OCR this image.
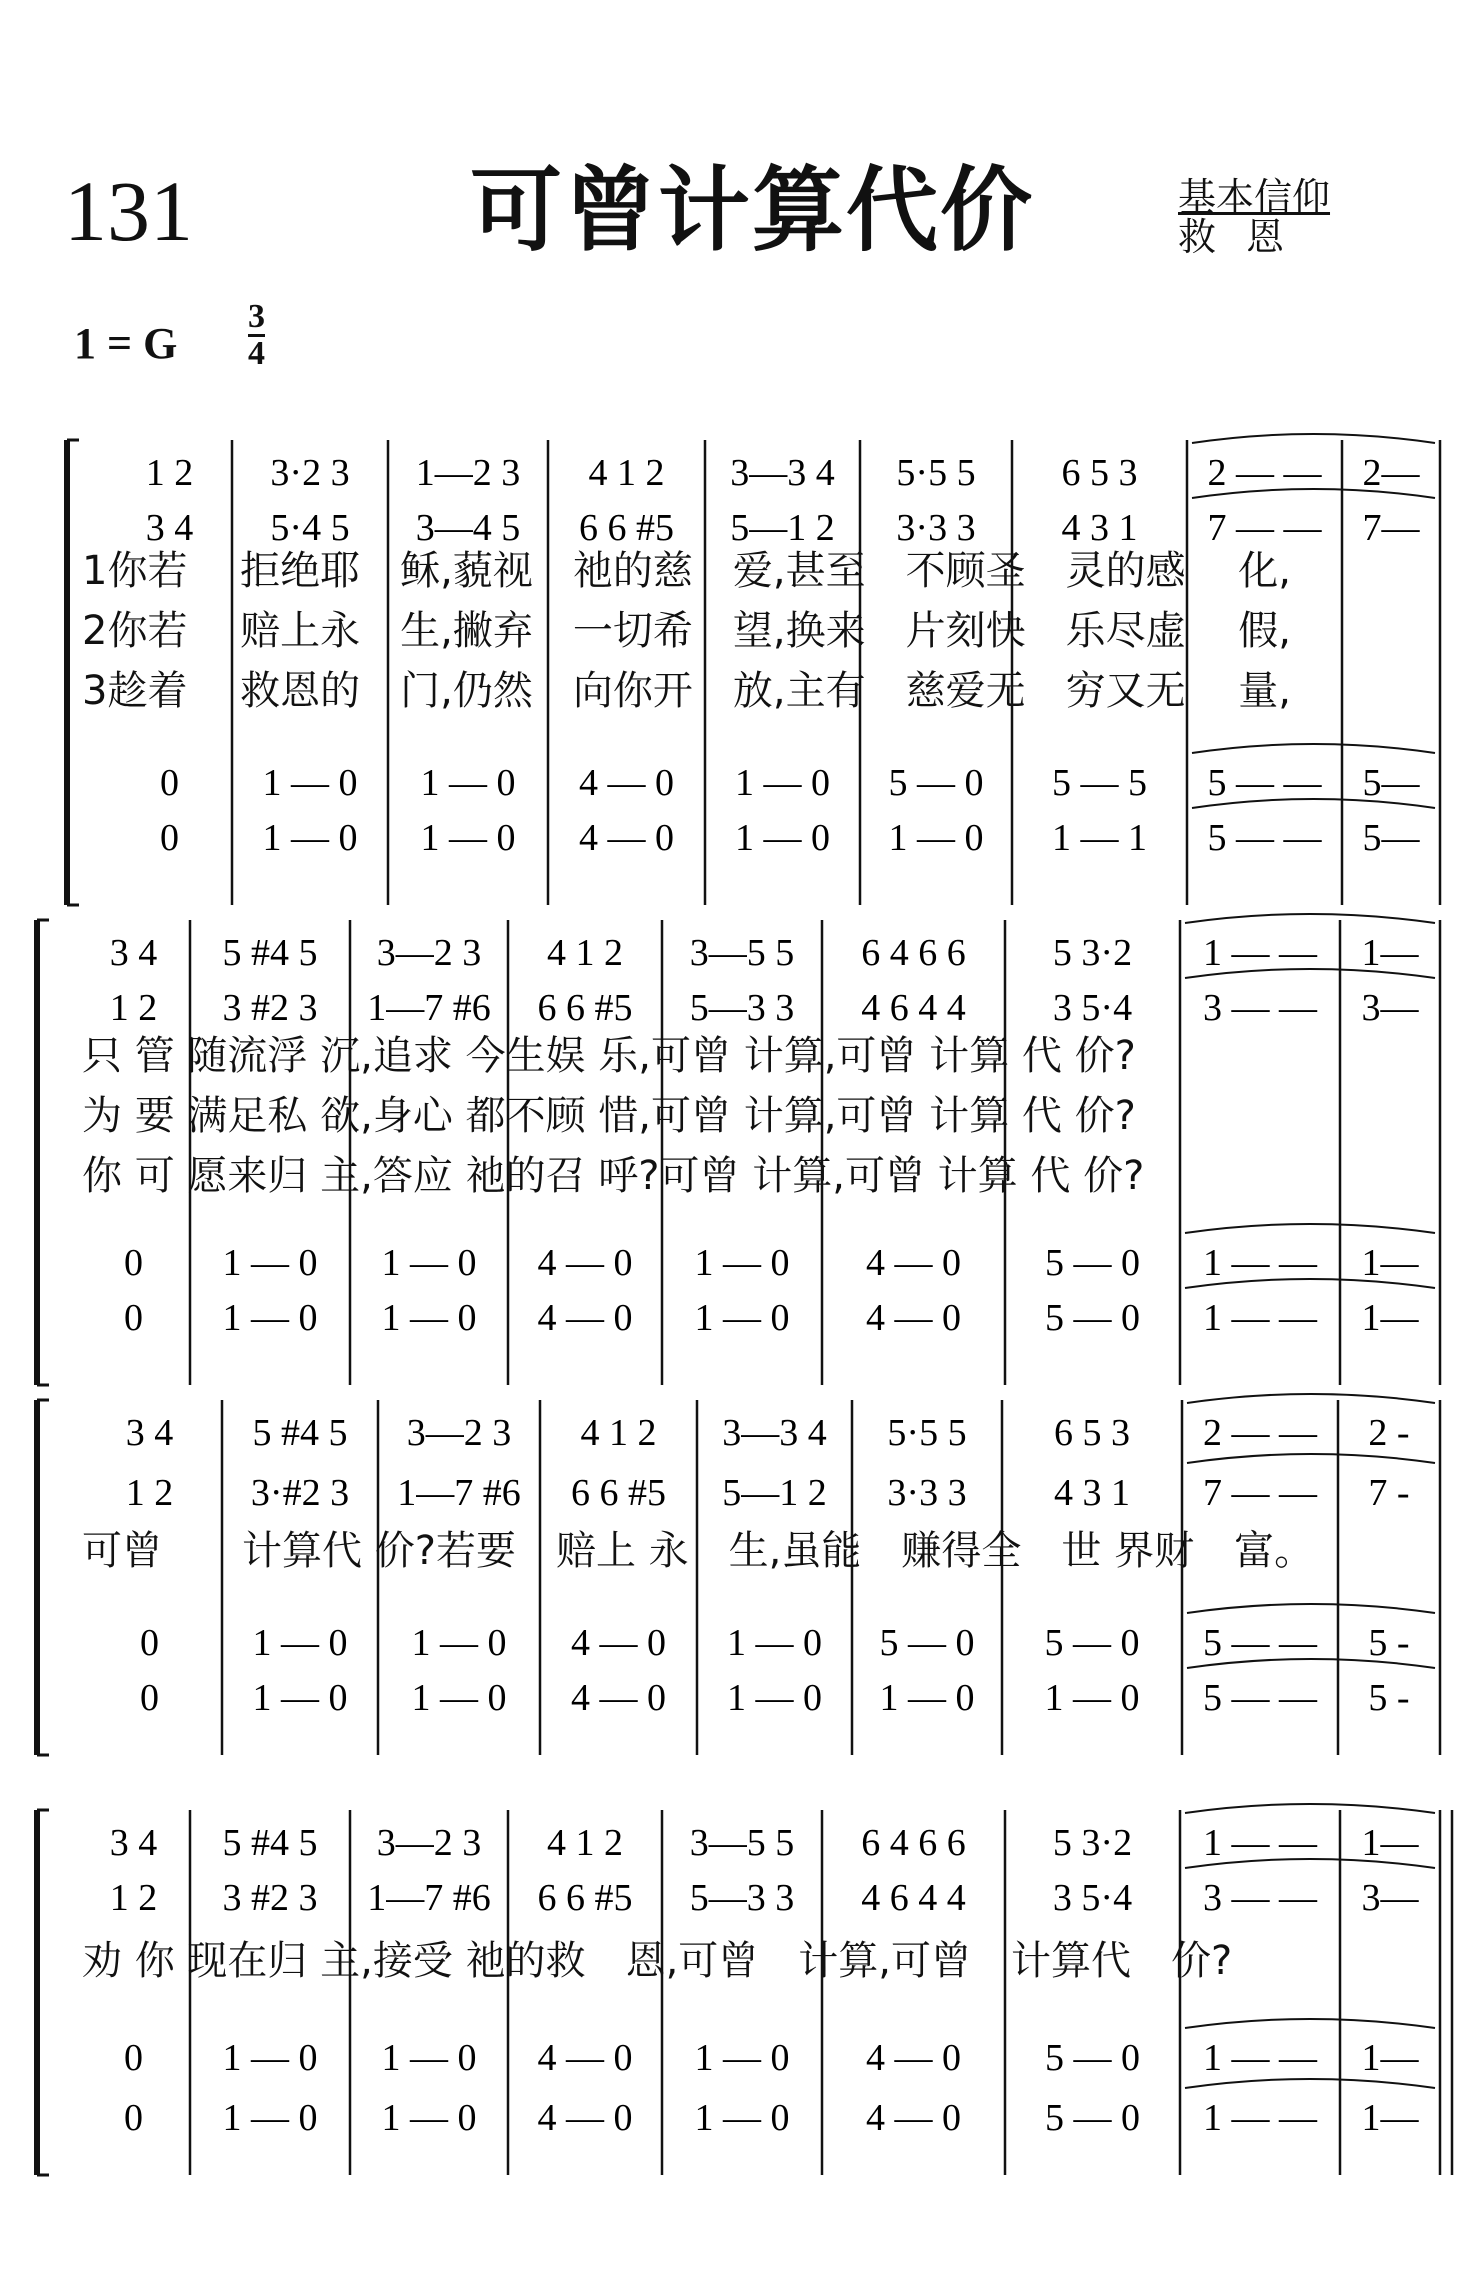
131	可曾计算代价	基本信仰
救恩
1 = G
3
4
1 2 3·2 3 1—2 3 4 1 2 3—3 4 5·5 5 6 5 3 2 — — 2—
3 4 5·4 5 3—4 5 6 6 #5 5—1 2 3·3 3 4 3 1 7 — — 7—
0 1 — 0 1 — 0 4 — 0 1 — 0 5 — 0 5 — 5 5 — — 5—
0 1 — 0 1 — 0 4 — 0 1 — 0 1 — 0 1 — 1 5 — — 5—
3 4 5 #4 5 3—2 3 4 1 2 3—5 5 6 4 6 6 5 3·2 1 — — 1—
1 2 3 #2 3 1—7 #6 6 6 #5 5—3 3 4 6 4 4 3 5·4 3 — — 3—
0 1 — 0 1 — 0 4 — 0 1 — 0 4 — 0 5 — 0 1 — — 1—
0 1 — 0 1 — 0 4 — 0 1 — 0 4 — 0 5 — 0 1 — — 1—
3 4 5 #4 5 3—2 3 4 1 2 3—3 4 5·5 5 6 5 3 2 — — 2 -
1 2 3·#2 3 1—7 #6 6 6 #5 5—1 2 3·3 3 4 3 1 7 — — 7 -
0 1 — 0 1 — 0 4 — 0 1 — 0 5 — 0 5 — 0 5 — — 5 -
0 1 — 0 1 — 0 4 — 0 1 — 0 1 — 0 1 — 0 5 — — 5 -
3 4 5 #4 5 3—2 3 4 1 2 3—5 5 6 4 6 6 5 3·2 1 — — 1—
1 2 3 #2 3 1—7 #6 6 6 #5 5—3 3 4 6 4 4 3 5·4 3 — — 3—
0 1 — 0 1 — 0 4 — 0 1 — 0 4 — 0 5 — 0 1 — — 1—
0 1 — 0 1 — 0 4 — 0 1 — 0 4 — 0 5 — 0 1 — — 1—
1你若　 拒绝耶　稣,藐视　祂的慈　爱,甚至　不顾圣　灵的感　 化,
2你若　 赔上永　生,撇弃　一切希　望,换来　片刻快　乐尽虚　 假,
3趁着　 救恩的　门,仍然　向你开　放,主有　慈爱无　穷又无　 量,
只 管 随流浮 沉,追求 今生娱 乐,可曾 计算,可曾 计算 代 价?
为 要 满足私 欲,身心 都不顾 惜,可曾 计算,可曾 计算 代 价?
你 可 愿来归 主,答应 祂的召 呼?可曾 计算,可曾 计算 代 价?
可曾　　计算代 价?若要　赔上 永　生,虽能　赚得全　世 界财　富。
劝 你 现在归 主,接受 祂的救　恩,可曾　计算,可曾　计算代　价?
